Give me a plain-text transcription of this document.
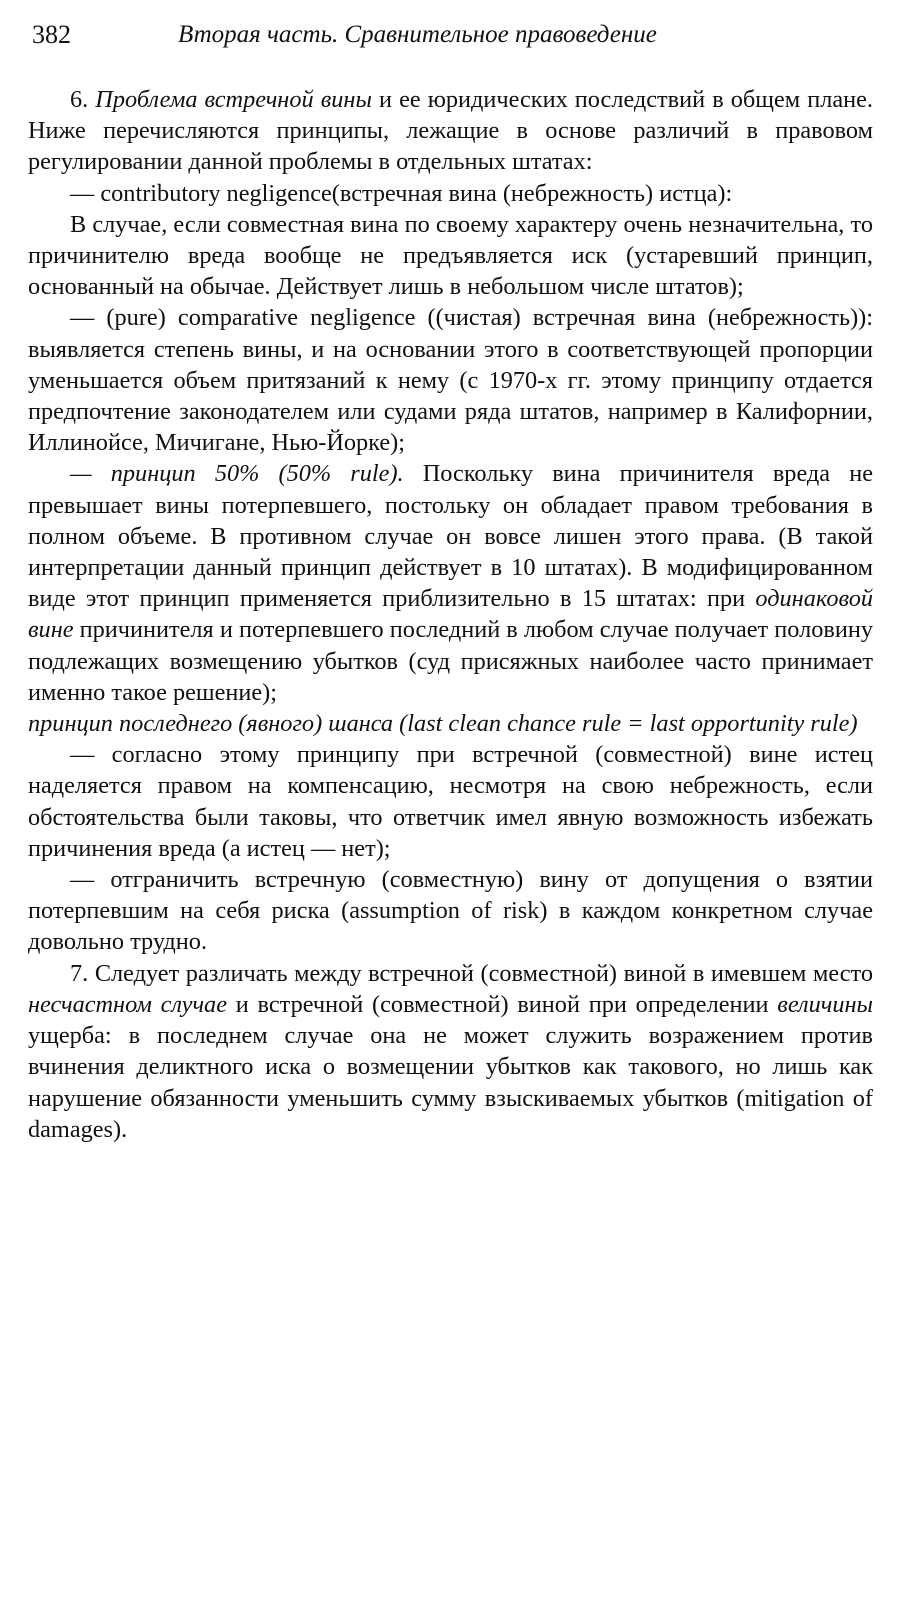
382	Вторая часть. Сравнительное правоведение

6. Проблема встречной вины и ее юридических последствий в общем плане. Ниже перечисляются принципы, лежащие в основе различий в правовом регулировании данной проблемы в отдельных штатах:

— contributory negligence(встречная вина (небрежность) истца):

В случае, если совместная вина по своему характеру очень незначительна, то причинителю вреда вообще не предъявляется иск (устаревший принцип, основанный на обычае. Действует лишь в небольшом числе штатов);

— (pure) comparative negligence ((чистая) встречная вина (небрежность)): выявляется степень вины, и на основании этого в соответствующей пропорции уменьшается объем притязаний к нему (с 1970-х гг. этому принципу отдается предпочтение законодателем или судами ряда штатов, например в Калифорнии, Иллинойсе, Мичигане, Нью-Йорке);

— принцип 50% (50% rule). Поскольку вина причинителя вреда не превышает вины потерпевшего, постольку он обладает правом требования в полном объеме. В противном случае он вовсе лишен этого права. (В такой интерпретации данный принцип действует в 10 штатах). В модифицированном виде этот принцип применяется приблизительно в 15 штатах: при одинаковой вине причинителя и потерпевшего последний в любом случае получает половину подлежащих возмещению убытков (суд присяжных наиболее часто принимает именно такое решение);

принцип последнего (явного) шанса (last clean chance rule = last opportunity rule)

— согласно этому принципу при встречной (совместной) вине истец наделяется правом на компенсацию, несмотря на свою небрежность, если обстоятельства были таковы, что ответчик имел явную возможность избежать причинения вреда (а истец — нет);

— отграничить встречную (совместную) вину от допущения о взятии потерпевшим на себя риска (assumption of risk) в каждом конкретном случае довольно трудно.

7. Следует различать между встречной (совместной) виной в имевшем место несчастном случае и встречной (совместной) виной при определении величины ущерба: в последнем случае она не может служить возражением против вчинения деликтного иска о возмещении убытков как такового, но лишь как нарушение обязанности уменьшить сумму взыскиваемых убытков (mitigation of damages).
